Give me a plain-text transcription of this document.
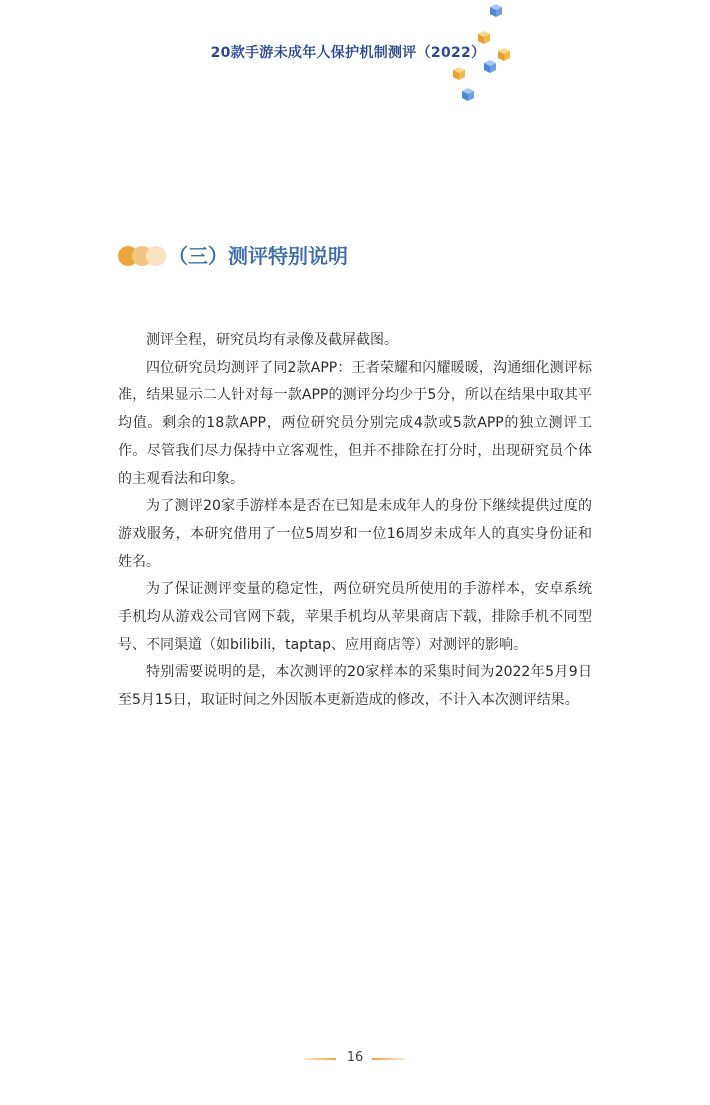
20款手游未成年人保护机制测评（2022）
（三）测评特别说明

测评全程，研究员均有录像及截屏截图。

四位研究员均测评了同2款APP：王者荣耀和闪耀暖暖，沟通细化测评标准，结果显示二人针对每一款APP的测评分均少于5分，所以在结果中取其平均值。剩余的18款APP，两位研究员分别完成4款或5款APP的独立测评工作。尽管我们尽力保持中立客观性，但并不排除在打分时，出现研究员个体的主观看法和印象。

为了测评20家手游样本是否在已知是未成年人的身份下继续提供过度的游戏服务，本研究借用了一位5周岁和一位16周岁未成年人的真实身份证和姓名。

为了保证测评变量的稳定性，两位研究员所使用的手游样本，安卓系统手机均从游戏公司官网下载，苹果手机均从苹果商店下载，排除手机不同型号、不同渠道（如bilibili，taptap、应用商店等）对测评的影响。

特别需要说明的是，本次测评的20家样本的采集时间为2022年5月9日至5月15日，取证时间之外因版本更新造成的修改，不计入本次测评结果。

16
